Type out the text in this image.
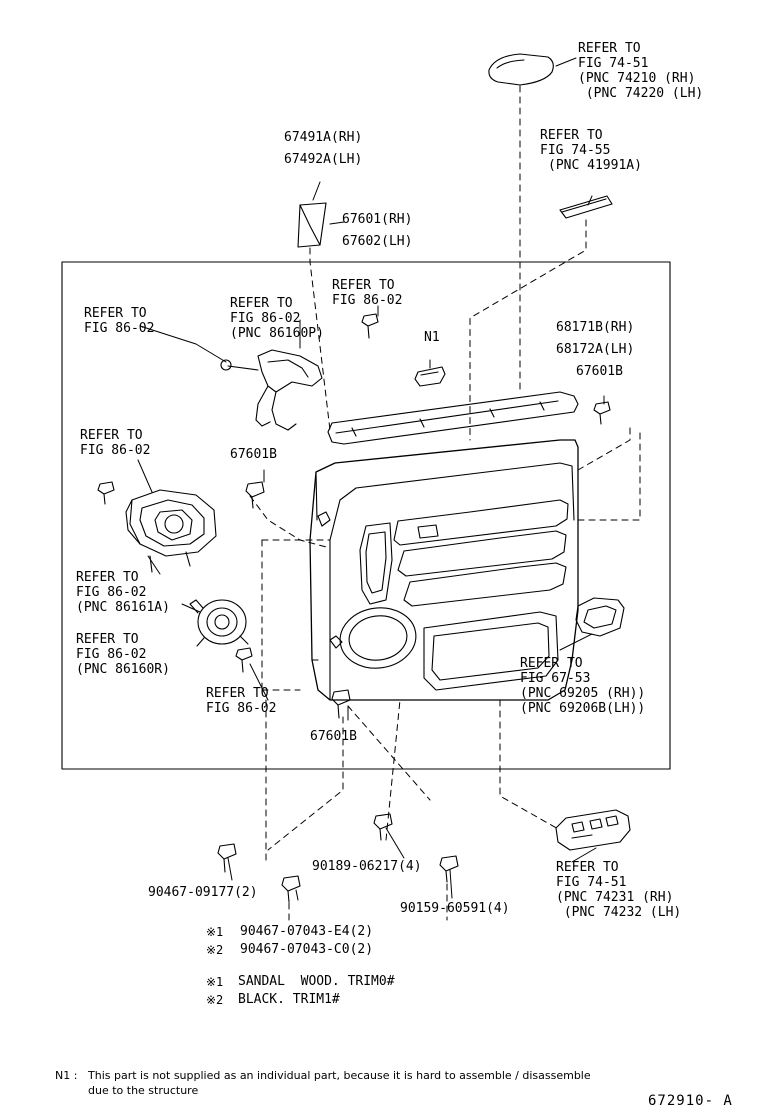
REFER TO
FIG 74-51
(PNC 74210 (RH)
(PNC 74220 (LH)
REFER TO
FIG 74-55
(PNC 41991A)
67491A(RH)
67492A(LH)
67601(RH)
67602(LH)
REFER TO
FIG 86-02
REFER TO
FIG 86-02
(PNC 86160P)
REFER TO
FIG 86-02
N1
68171B(RH)
68172A(LH)
67601B
REFER TO
FIG 86-02	67601B
REFER TO
FIG 86-02
(PNC 86161A)
REFER TO
FIG 86-02
(PNC 86160R)
REFER TO
FIG 86-02
67601B
REFER TO
FIG 67-53
(PNC 69205 (RH))
(PNC 69206B(LH))
REFER TO
FIG 74-51
(PNC 74231 (RH)
(PNC 74232 (LH)
90467-09177(2)
90189-06217(4)
90159-60591(4)
※1 90467-07043-E4(2)
※2 90467-07043-C0(2)
※1 SANDAL  WOOD. TRIM0#
※2 BLACK. TRIM1#
N1 : This part is not supplied as an individual part, because it is hard to assemble / disassemble
due to the structure
672910- A
